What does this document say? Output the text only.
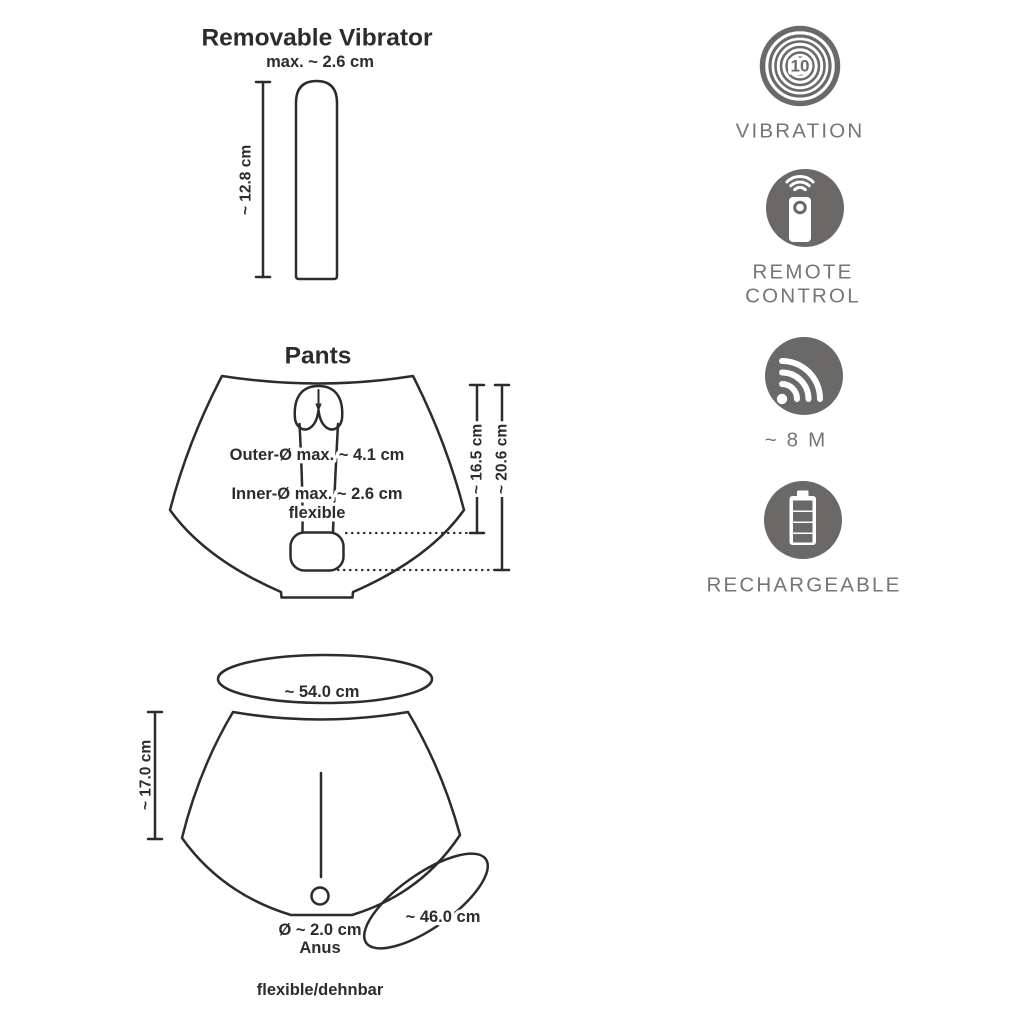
Removable Vibrator
max. ~ 2.6 cm
~ 12.8 cm
Pants
~ 16.5 cm ~ 20.6 cm
Outer-Ø max. ~ 4.1 cm
Inner-Ø max. ~ 2.6 cm
flexible
~ 54.0 cm
~ 17.0 cm
~ 46.0 cm
Ø ~ 2.0 cm
Anus
flexible/dehnbar
10
VIBRATION
REMOTE
CONTROL
~ 8 M
RECHARGEABLE
